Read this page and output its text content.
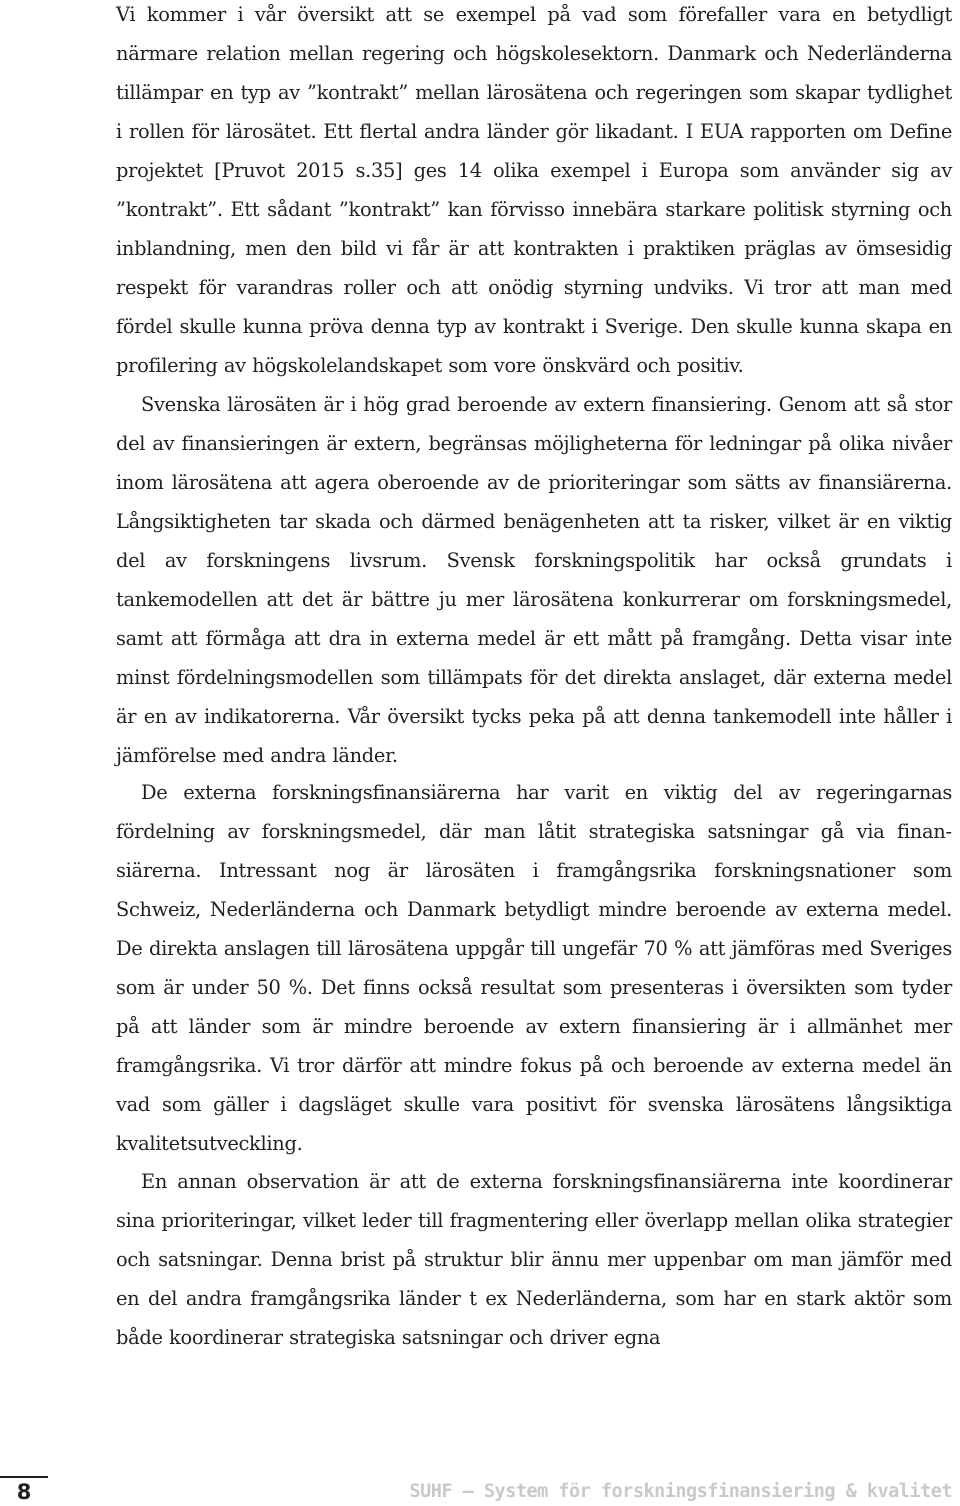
Vi kommer i vår översikt att se exempel på vad som förefaller vara en betydligt närmare relation mellan regering och högskolesektorn. Danmark och Nederländerna tillämpar en typ av ”kontrakt” mellan lärosätena och regeringen som skapar tydlighet i rollen för lärosätet. Ett flertal andra länder gör likadant. I EUA rapporten om Define projektet [Pruvot 2015 s.35] ges 14 olika exempel i Europa som använder sig av ”kontrakt”. Ett sådant ”kontrakt” kan förvisso innebära starkare politisk styrning och inblandning, men den bild vi får är att kontrakten i praktiken präglas av ömsesidig respekt för varandras roller och att onödig styrning undviks. Vi tror att man med fördel skulle kunna pröva denna typ av kontrakt i Sverige. Den skulle kunna skapa en profilering av högskolelandskapet som vore önskvärd och positiv.

Svenska lärosäten är i hög grad beroende av extern finansiering. Genom att så stor del av finansieringen är extern, begränsas möjligheterna för ledningar på olika nivåer inom lärosätena att agera oberoende av de prioriteringar som sätts av finansiärerna. Långsiktigheten tar skada och därmed benägenheten att ta risker, vilket är en viktig del av forskningens livsrum. Svensk forskningspolitik har också grundats i tankemodellen att det är bättre ju mer lärosätena konkurrerar om forskningsmedel, samt att förmåga att dra in externa medel är ett mått på framgång. Detta visar inte minst fördelningsmodellen som tillämpats för det direkta anslaget, där externa medel är en av indikatorerna. Vår översikt tycks peka på att denna tankemodell inte håller i jämförelse med andra länder.

De externa forskningsfinansiärerna har varit en viktig del av regeringarnas fördelning av forskningsmedel, där man låtit strategiska satsningar gå via finansiärerna. Intressant nog är lärosäten i framgångsrika forskningsnationer som Schweiz, Nederländerna och Danmark betydligt mindre beroende av externa medel. De direkta anslagen till lärosätena uppgår till ungefär 70 % att jämföras med Sveriges som är under 50 %. Det finns också resultat som presenteras i översikten som tyder på att länder som är mindre beroende av extern finansiering är i allmänhet mer framgångsrika. Vi tror därför att mindre fokus på och beroende av externa medel än vad som gäller i dagsläget skulle vara positivt för svenska lärosätens långsiktiga kvalitetsutveckling.

En annan observation är att de externa forskningsfinansiärerna inte koordinerar sina prioriteringar, vilket leder till fragmentering eller överlapp mellan olika strategier och satsningar. Denna brist på struktur blir ännu mer uppenbar om man jämför med en del andra framgångsrika länder t ex Nederländerna, som har en stark aktör som både koordinerar strategiska satsningar och driver egna

8	SUHF – System för forskningsfinansiering & kvalitet
